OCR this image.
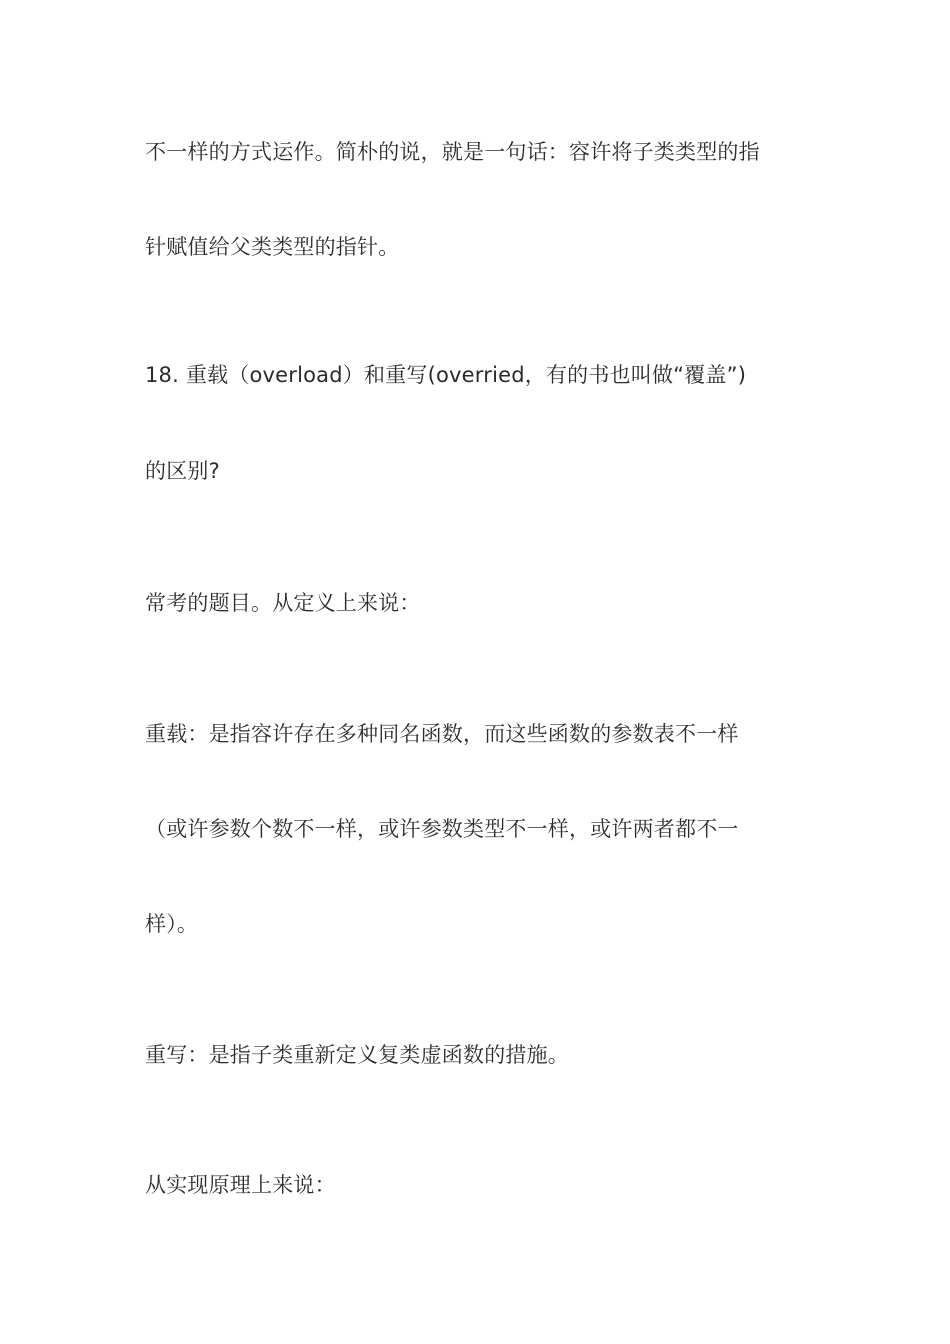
不一样的方式运作。简朴的说，就是一句话：容许将子类类型的指
针赋值给父类类型的指针。
18. 重载（overload）和重写(overried，有的书也叫做“覆盖”)
的区别?
常考的题目。从定义上来说：
重载：是指容许存在多种同名函数，而这些函数的参数表不一样
（或许参数个数不一样，或许参数类型不一样，或许两者都不一
样）。
重写：是指子类重新定义复类虚函数的措施。
从实现原理上来说：
